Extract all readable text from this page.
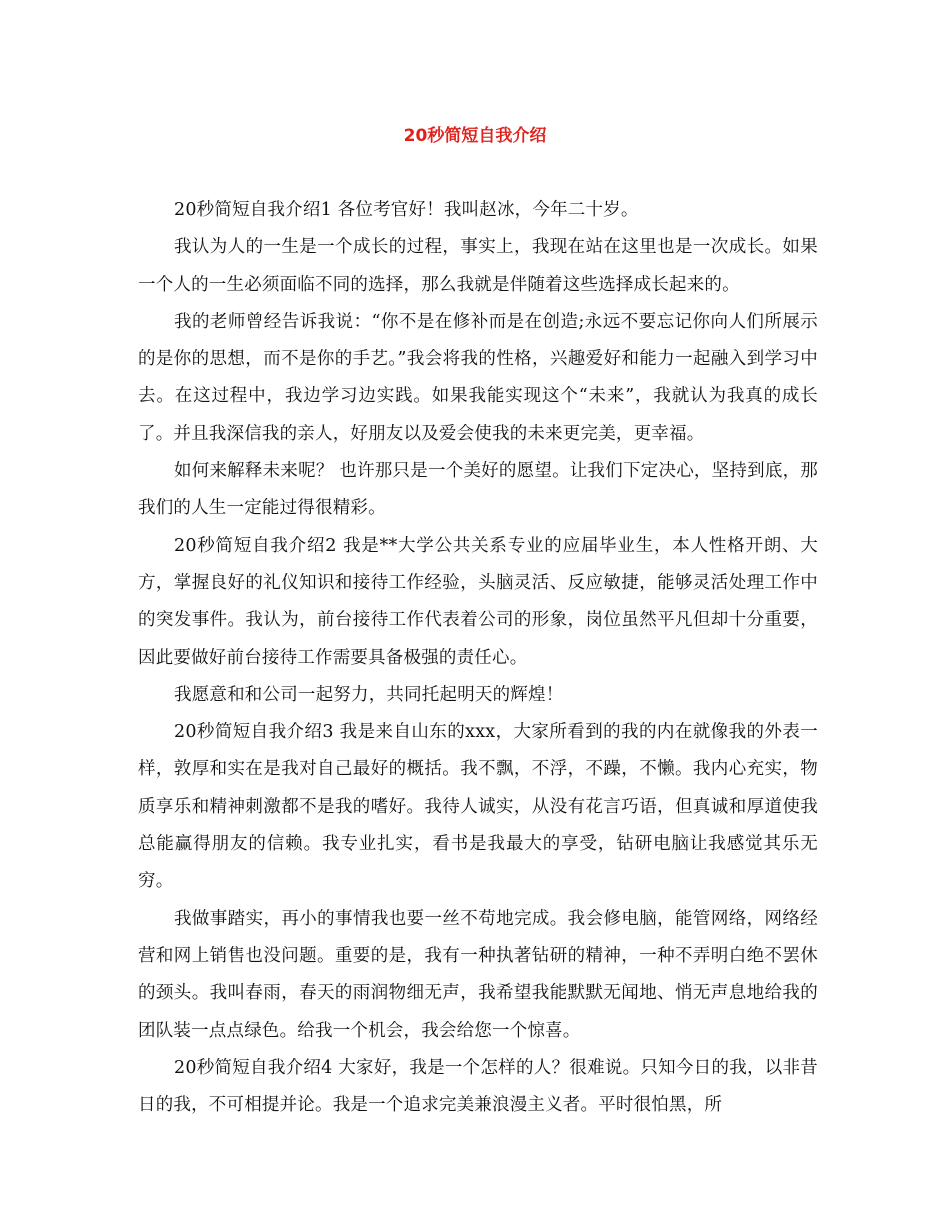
20秒简短自我介绍

20秒简短自我介绍1 各位考官好！我叫赵冰，今年二十岁。

我认为人的一生是一个成长的过程，事实上，我现在站在这里也是一次成长。如果一个人的一生必须面临不同的选择，那么我就是伴随着这些选择成长起来的。

我的老师曾经告诉我说：“你不是在修补而是在创造;永远不要忘记你向人们所展示的是你的思想，而不是你的手艺。”我会将我的性格，兴趣爱好和能力一起融入到学习中去。在这过程中，我边学习边实践。如果我能实现这个“未来”，我就认为我真的成长了。并且我深信我的亲人，好朋友以及爱会使我的未来更完美，更幸福。

如何来解释未来呢？ 也许那只是一个美好的愿望。让我们下定决心，坚持到底，那我们的人生一定能过得很精彩。

20秒简短自我介绍2 我是**大学公共关系专业的应届毕业生，本人性格开朗、大方，掌握良好的礼仪知识和接待工作经验，头脑灵活、反应敏捷，能够灵活处理工作中的突发事件。我认为，前台接待工作代表着公司的形象，岗位虽然平凡但却十分重要，因此要做好前台接待工作需要具备极强的责任心。

我愿意和和公司一起努力，共同托起明天的辉煌！

20秒简短自我介绍3 我是来自山东的xxx，大家所看到的我的内在就像我的外表一样，敦厚和实在是我对自己最好的概括。我不飘，不浮，不躁，不懒。我内心充实，物质享乐和精神刺激都不是我的嗜好。我待人诚实，从没有花言巧语，但真诚和厚道使我总能赢得朋友的信赖。我专业扎实，看书是我最大的享受，钻研电脑让我感觉其乐无穷。

我做事踏实，再小的事情我也要一丝不苟地完成。我会修电脑，能管网络，网络经营和网上销售也没问题。重要的是，我有一种执著钻研的精神，一种不弄明白绝不罢休的颈头。我叫春雨，春天的雨润物细无声，我希望我能默默无闻地、悄无声息地给我的团队装一点点绿色。给我一个机会，我会给您一个惊喜。

20秒简短自我介绍4 大家好，我是一个怎样的人？很难说。只知今日的我，以非昔日的我，不可相提并论。我是一个追求完美兼浪漫主义者。平时很怕黑，所
